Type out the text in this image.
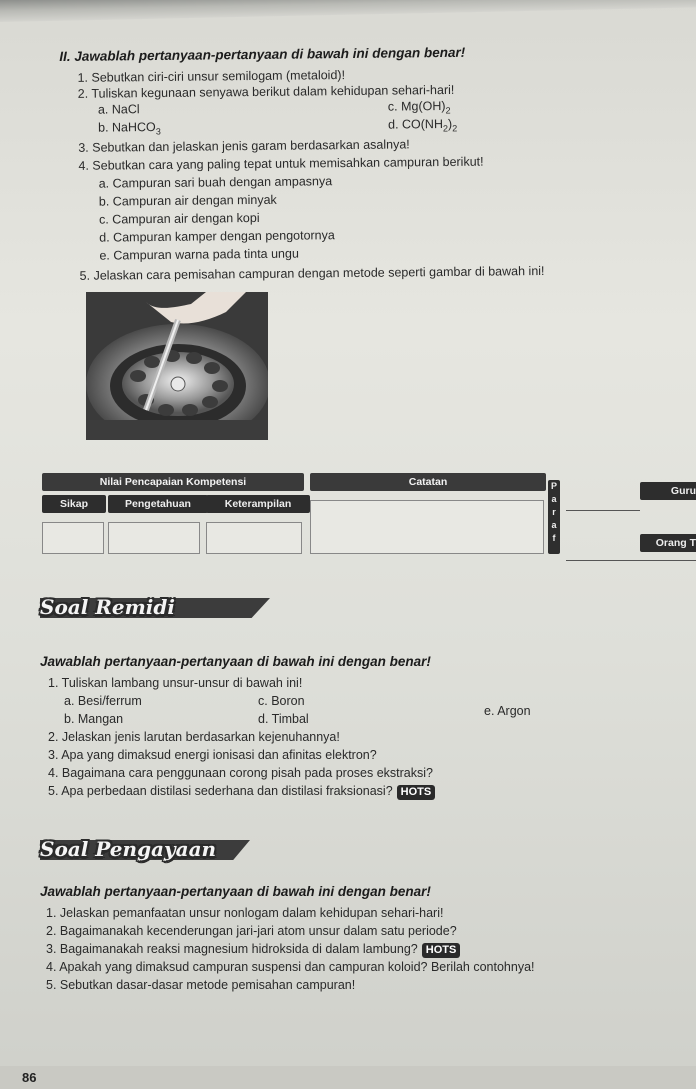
II. Jawablah pertanyaan-pertanyaan di bawah ini dengan benar!
1. Sebutkan ciri-ciri unsur semilogam (metaloid)!
2. Tuliskan kegunaan senyawa berikut dalam kehidupan sehari-hari!
a. NaCl
b. NaHCO$_3$
c. $Mg(OH)_2$
d. $CO(NH_2)_2$
3. Sebutkan dan jelaskan jenis garam berdasarkan asalnya!
4. Sebutkan cara yang paling tepat untuk memisahkan campuran berikut!
a. Campuran sari buah dengan ampasnya
b. Campuran air dengan minyak
c. Campuran air dengan kopi
d. Campuran kamper dengan pengotornya
e. Campuran warna pada tinta ungu
5. Jelaskan cara pemisahan campuran dengan metode seperti gambar di bawah ini!
Nilai Pencapaian Kompetensi	Catatan
Sikap	Pengetahuan	Keterampilan
P
a
r
a
f
Guru
Orang T
Soal Remidi
Jawablah pertanyaan-pertanyaan di bawah ini dengan benar!
1. Tuliskan lambang unsur-unsur di bawah ini!
a. Besi/ferrum
b. Mangan
c. Boron
d. Timbal
e. Argon
2. Jelaskan jenis larutan berdasarkan kejenuhannya!
3. Apa yang dimaksud energi ionisasi dan afinitas elektron?
4. Bagaimana cara penggunaan corong pisah pada proses ekstraksi?
5. Apa perbedaan distilasi sederhana dan distilasi fraksionasi? HOTS
Soal Pengayaan
Jawablah pertanyaan-pertanyaan di bawah ini dengan benar!
1. Jelaskan pemanfaatan unsur nonlogam dalam kehidupan sehari-hari!
2. Bagaimanakah kecenderungan jari-jari atom unsur dalam satu periode?
3. Bagaimanakah reaksi magnesium hidroksida di dalam lambung? HOTS
4. Apakah yang dimaksud campuran suspensi dan campuran koloid? Berilah contohnya!
5. Sebutkan dasar-dasar metode pemisahan campuran!
86
